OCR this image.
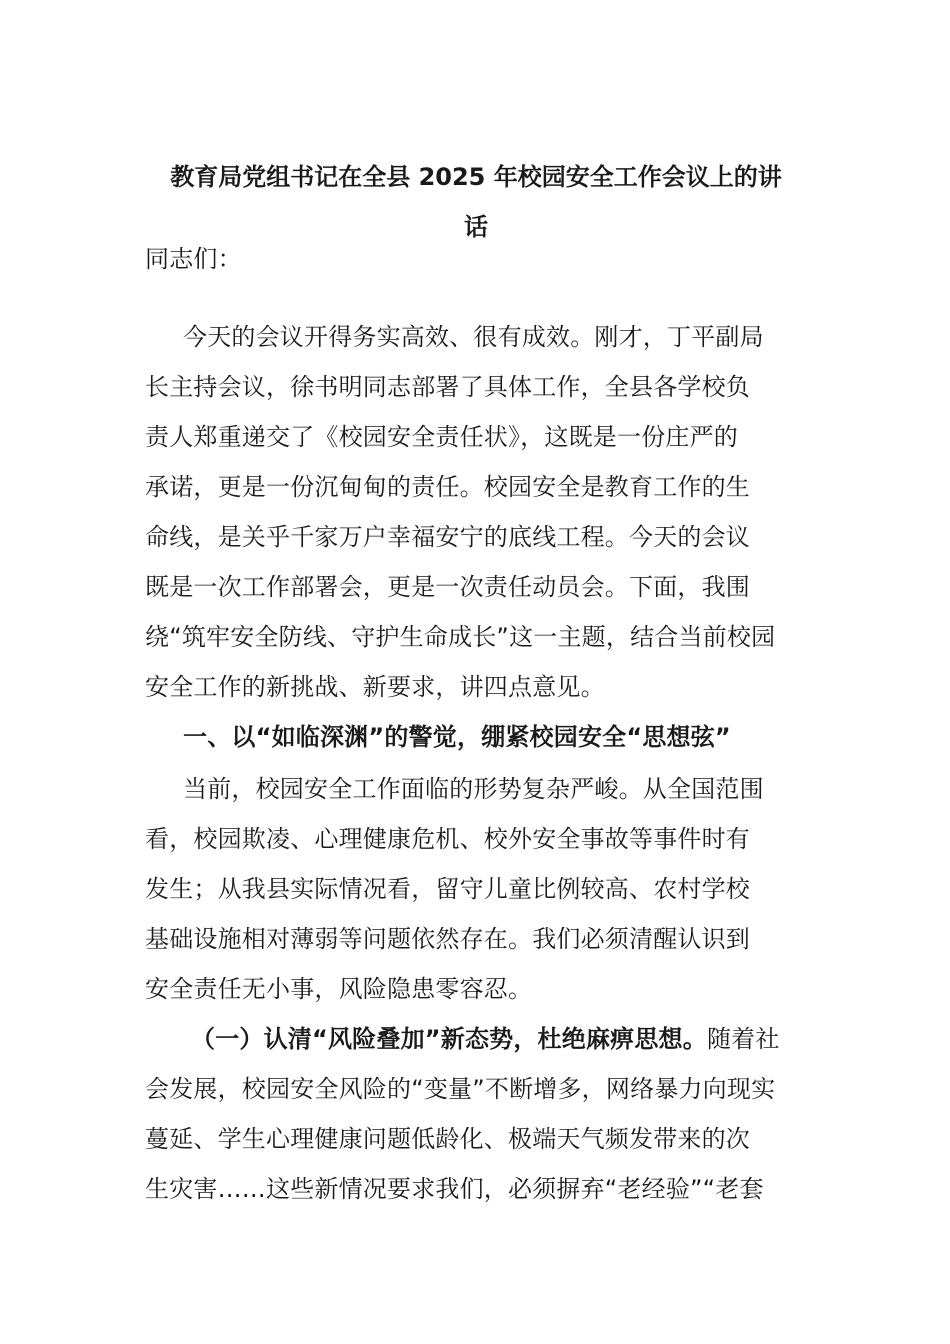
教育局党组书记在全县 2025 年校园安全工作会议上的讲
话
同志们：
今天的会议开得务实高效、很有成效。刚才，丁平副局
长主持会议，徐书明同志部署了具体工作，全县各学校负
责人郑重递交了《校园安全责任状》，这既是一份庄严的
承诺，更是一份沉甸甸的责任。校园安全是教育工作的生
命线，是关乎千家万户幸福安宁的底线工程。今天的会议
既是一次工作部署会，更是一次责任动员会。下面，我围
绕“筑牢安全防线、守护生命成长”这一主题，结合当前校园
安全工作的新挑战、新要求，讲四点意见。
一、以“如临深渊”的警觉，绷紧校园安全“思想弦”
当前，校园安全工作面临的形势复杂严峻。从全国范围
看，校园欺凌、心理健康危机、校外安全事故等事件时有
发生；从我县实际情况看，留守儿童比例较高、农村学校
基础设施相对薄弱等问题依然存在。我们必须清醒认识到
安全责任无小事，风险隐患零容忍。
（一）认清“风险叠加”新态势，杜绝麻痹思想。随着社
会发展，校园安全风险的“变量”不断增多，网络暴力向现实
蔓延、学生心理健康问题低龄化、极端天气频发带来的次
生灾害……这些新情况要求我们，必须摒弃“老经验”“老套
